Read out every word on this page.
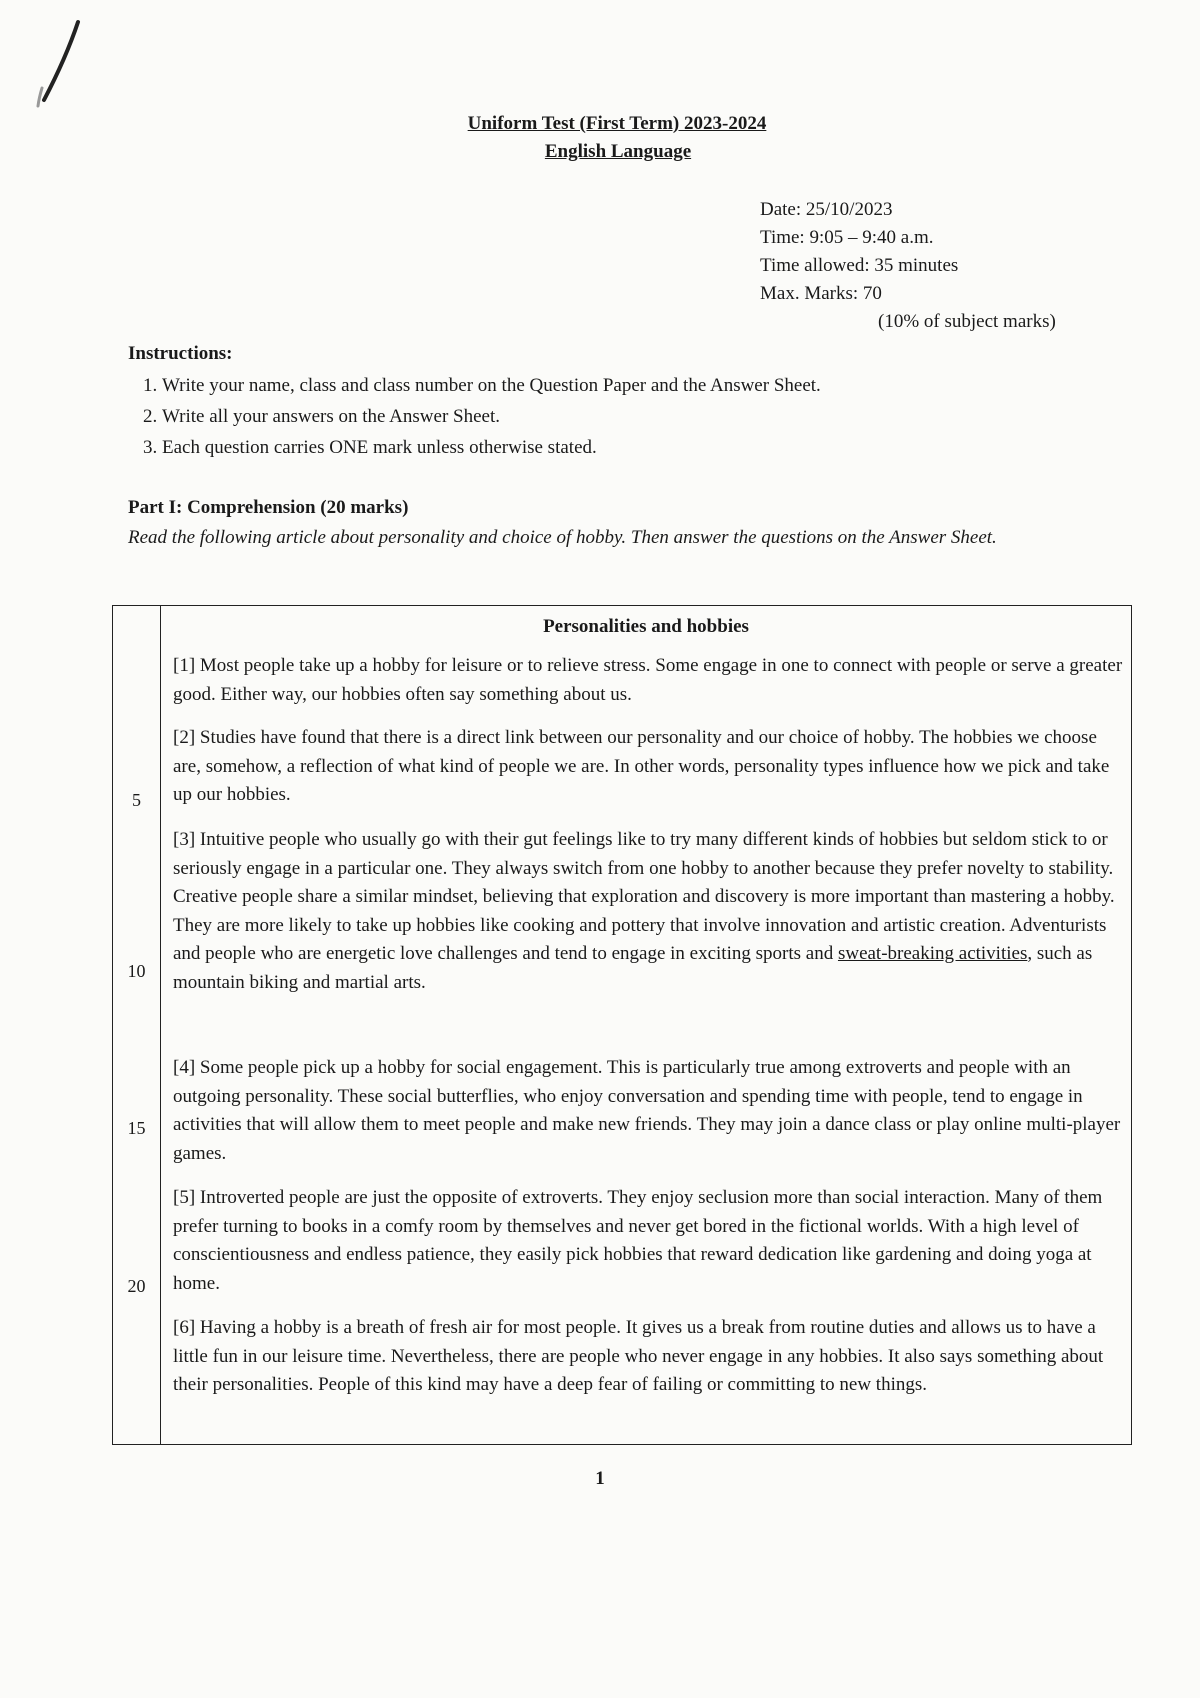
Uniform Test (First Term) 2023-2024
English Language
Date: 25/10/2023
Time: 9:05 – 9:40 a.m.
Time allowed: 35 minutes
Max. Marks: 70
(10% of subject marks)
Instructions:
1. Write your name, class and class number on the Question Paper and the Answer Sheet.
2. Write all your answers on the Answer Sheet.
3. Each question carries ONE mark unless otherwise stated.
Part I: Comprehension (20 marks)
Read the following article about personality and choice of hobby. Then answer the questions on the Answer Sheet.
Personalities and hobbies

[1] Most people take up a hobby for leisure or to relieve stress. Some engage in one to connect with people or serve a greater good. Either way, our hobbies often say something about us.

[2] Studies have found that there is a direct link between our personality and our choice of hobby. The hobbies we choose are, somehow, a reflection of what kind of people we are. In other words, personality types influence how we pick and take up our hobbies.

[3] Intuitive people who usually go with their gut feelings like to try many different kinds of hobbies but seldom stick to or seriously engage in a particular one. They always switch from one hobby to another because they prefer novelty to stability. Creative people share a similar mindset, believing that exploration and discovery is more important than mastering a hobby. They are more likely to take up hobbies like cooking and pottery that involve innovation and artistic creation. Adventurists and people who are energetic love challenges and tend to engage in exciting sports and sweat-breaking activities, such as mountain biking and martial arts.

[4] Some people pick up a hobby for social engagement. This is particularly true among extroverts and people with an outgoing personality. These social butterflies, who enjoy conversation and spending time with people, tend to engage in activities that will allow them to meet people and make new friends. They may join a dance class or play online multi-player games.

[5] Introverted people are just the opposite of extroverts. They enjoy seclusion more than social interaction. Many of them prefer turning to books in a comfy room by themselves and never get bored in the fictional worlds. With a high level of conscientiousness and endless patience, they easily pick hobbies that reward dedication like gardening and doing yoga at home.

[6] Having a hobby is a breath of fresh air for most people. It gives us a break from routine duties and allows us to have a little fun in our leisure time. Nevertheless, there are people who never engage in any hobbies. It also says something about their personalities. People of this kind may have a deep fear of failing or committing to new things.

5
10
15
20
1
